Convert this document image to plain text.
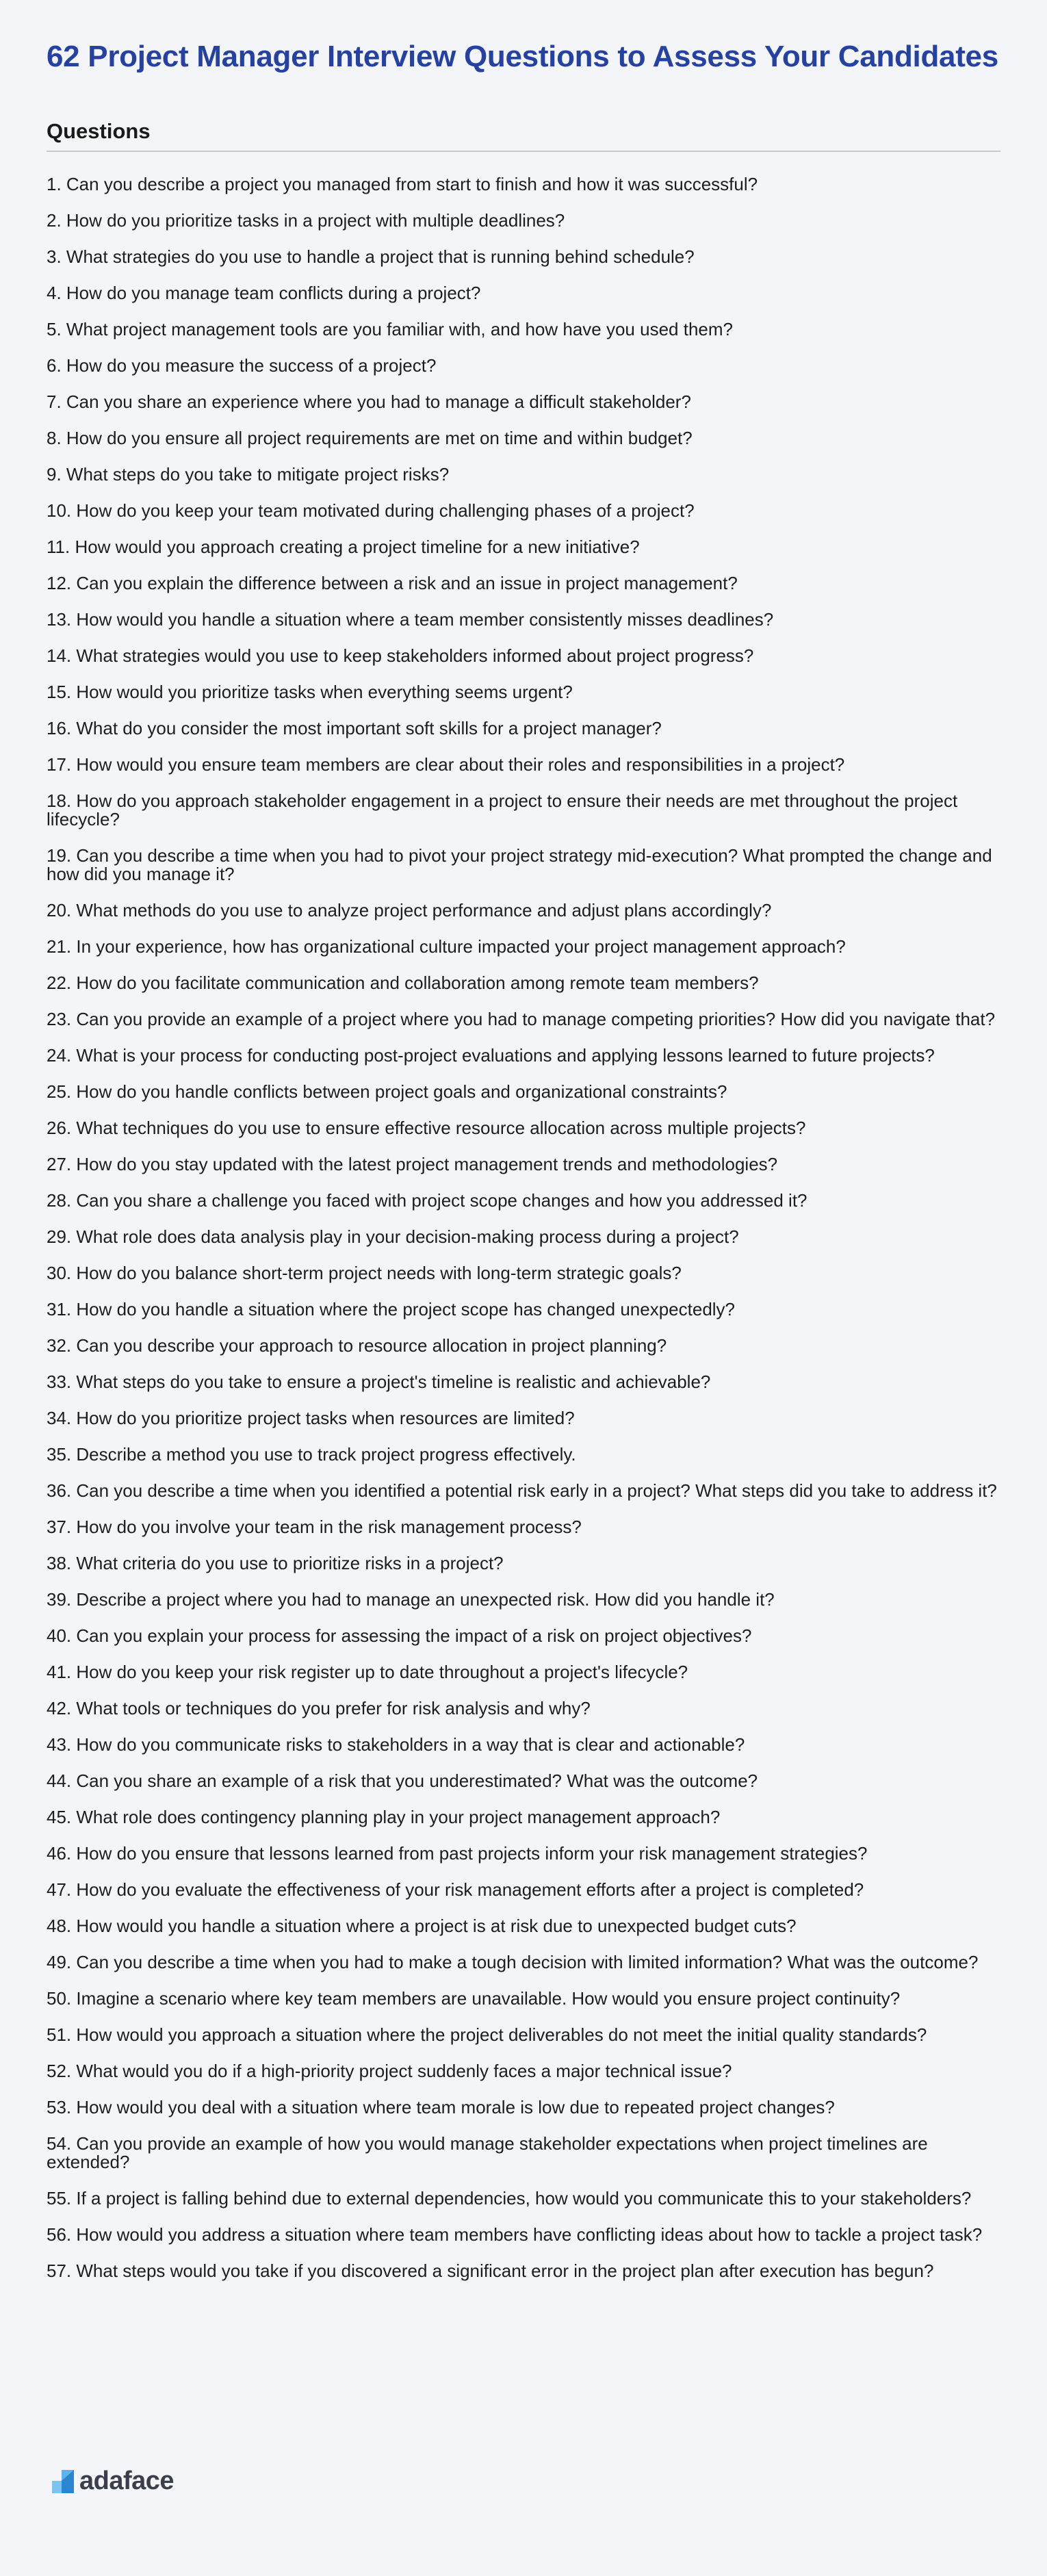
62 Project Manager Interview Questions to Assess Your Candidates
Questions
1. Can you describe a project you managed from start to finish and how it was successful?
2. How do you prioritize tasks in a project with multiple deadlines?
3. What strategies do you use to handle a project that is running behind schedule?
4. How do you manage team conflicts during a project?
5. What project management tools are you familiar with, and how have you used them?
6. How do you measure the success of a project?
7. Can you share an experience where you had to manage a difficult stakeholder?
8. How do you ensure all project requirements are met on time and within budget?
9. What steps do you take to mitigate project risks?
10. How do you keep your team motivated during challenging phases of a project?
11. How would you approach creating a project timeline for a new initiative?
12. Can you explain the difference between a risk and an issue in project management?
13. How would you handle a situation where a team member consistently misses deadlines?
14. What strategies would you use to keep stakeholders informed about project progress?
15. How would you prioritize tasks when everything seems urgent?
16. What do you consider the most important soft skills for a project manager?
17. How would you ensure team members are clear about their roles and responsibilities in a project?
18. How do you approach stakeholder engagement in a project to ensure their needs are met throughout the project lifecycle?
19. Can you describe a time when you had to pivot your project strategy mid-execution? What prompted the change and how did you manage it?
20. What methods do you use to analyze project performance and adjust plans accordingly?
21. In your experience, how has organizational culture impacted your project management approach?
22. How do you facilitate communication and collaboration among remote team members?
23. Can you provide an example of a project where you had to manage competing priorities? How did you navigate that?
24. What is your process for conducting post-project evaluations and applying lessons learned to future projects?
25. How do you handle conflicts between project goals and organizational constraints?
26. What techniques do you use to ensure effective resource allocation across multiple projects?
27. How do you stay updated with the latest project management trends and methodologies?
28. Can you share a challenge you faced with project scope changes and how you addressed it?
29. What role does data analysis play in your decision-making process during a project?
30. How do you balance short-term project needs with long-term strategic goals?
31. How do you handle a situation where the project scope has changed unexpectedly?
32. Can you describe your approach to resource allocation in project planning?
33. What steps do you take to ensure a project's timeline is realistic and achievable?
34. How do you prioritize project tasks when resources are limited?
35. Describe a method you use to track project progress effectively.
36. Can you describe a time when you identified a potential risk early in a project? What steps did you take to address it?
37. How do you involve your team in the risk management process?
38. What criteria do you use to prioritize risks in a project?
39. Describe a project where you had to manage an unexpected risk. How did you handle it?
40. Can you explain your process for assessing the impact of a risk on project objectives?
41. How do you keep your risk register up to date throughout a project's lifecycle?
42. What tools or techniques do you prefer for risk analysis and why?
43. How do you communicate risks to stakeholders in a way that is clear and actionable?
44. Can you share an example of a risk that you underestimated? What was the outcome?
45. What role does contingency planning play in your project management approach?
46. How do you ensure that lessons learned from past projects inform your risk management strategies?
47. How do you evaluate the effectiveness of your risk management efforts after a project is completed?
48. How would you handle a situation where a project is at risk due to unexpected budget cuts?
49. Can you describe a time when you had to make a tough decision with limited information? What was the outcome?
50. Imagine a scenario where key team members are unavailable. How would you ensure project continuity?
51. How would you approach a situation where the project deliverables do not meet the initial quality standards?
52. What would you do if a high-priority project suddenly faces a major technical issue?
53. How would you deal with a situation where team morale is low due to repeated project changes?
54. Can you provide an example of how you would manage stakeholder expectations when project timelines are extended?
55. If a project is falling behind due to external dependencies, how would you communicate this to your stakeholders?
56. How would you address a situation where team members have conflicting ideas about how to tackle a project task?
57. What steps would you take if you discovered a significant error in the project plan after execution has begun?
adaface
